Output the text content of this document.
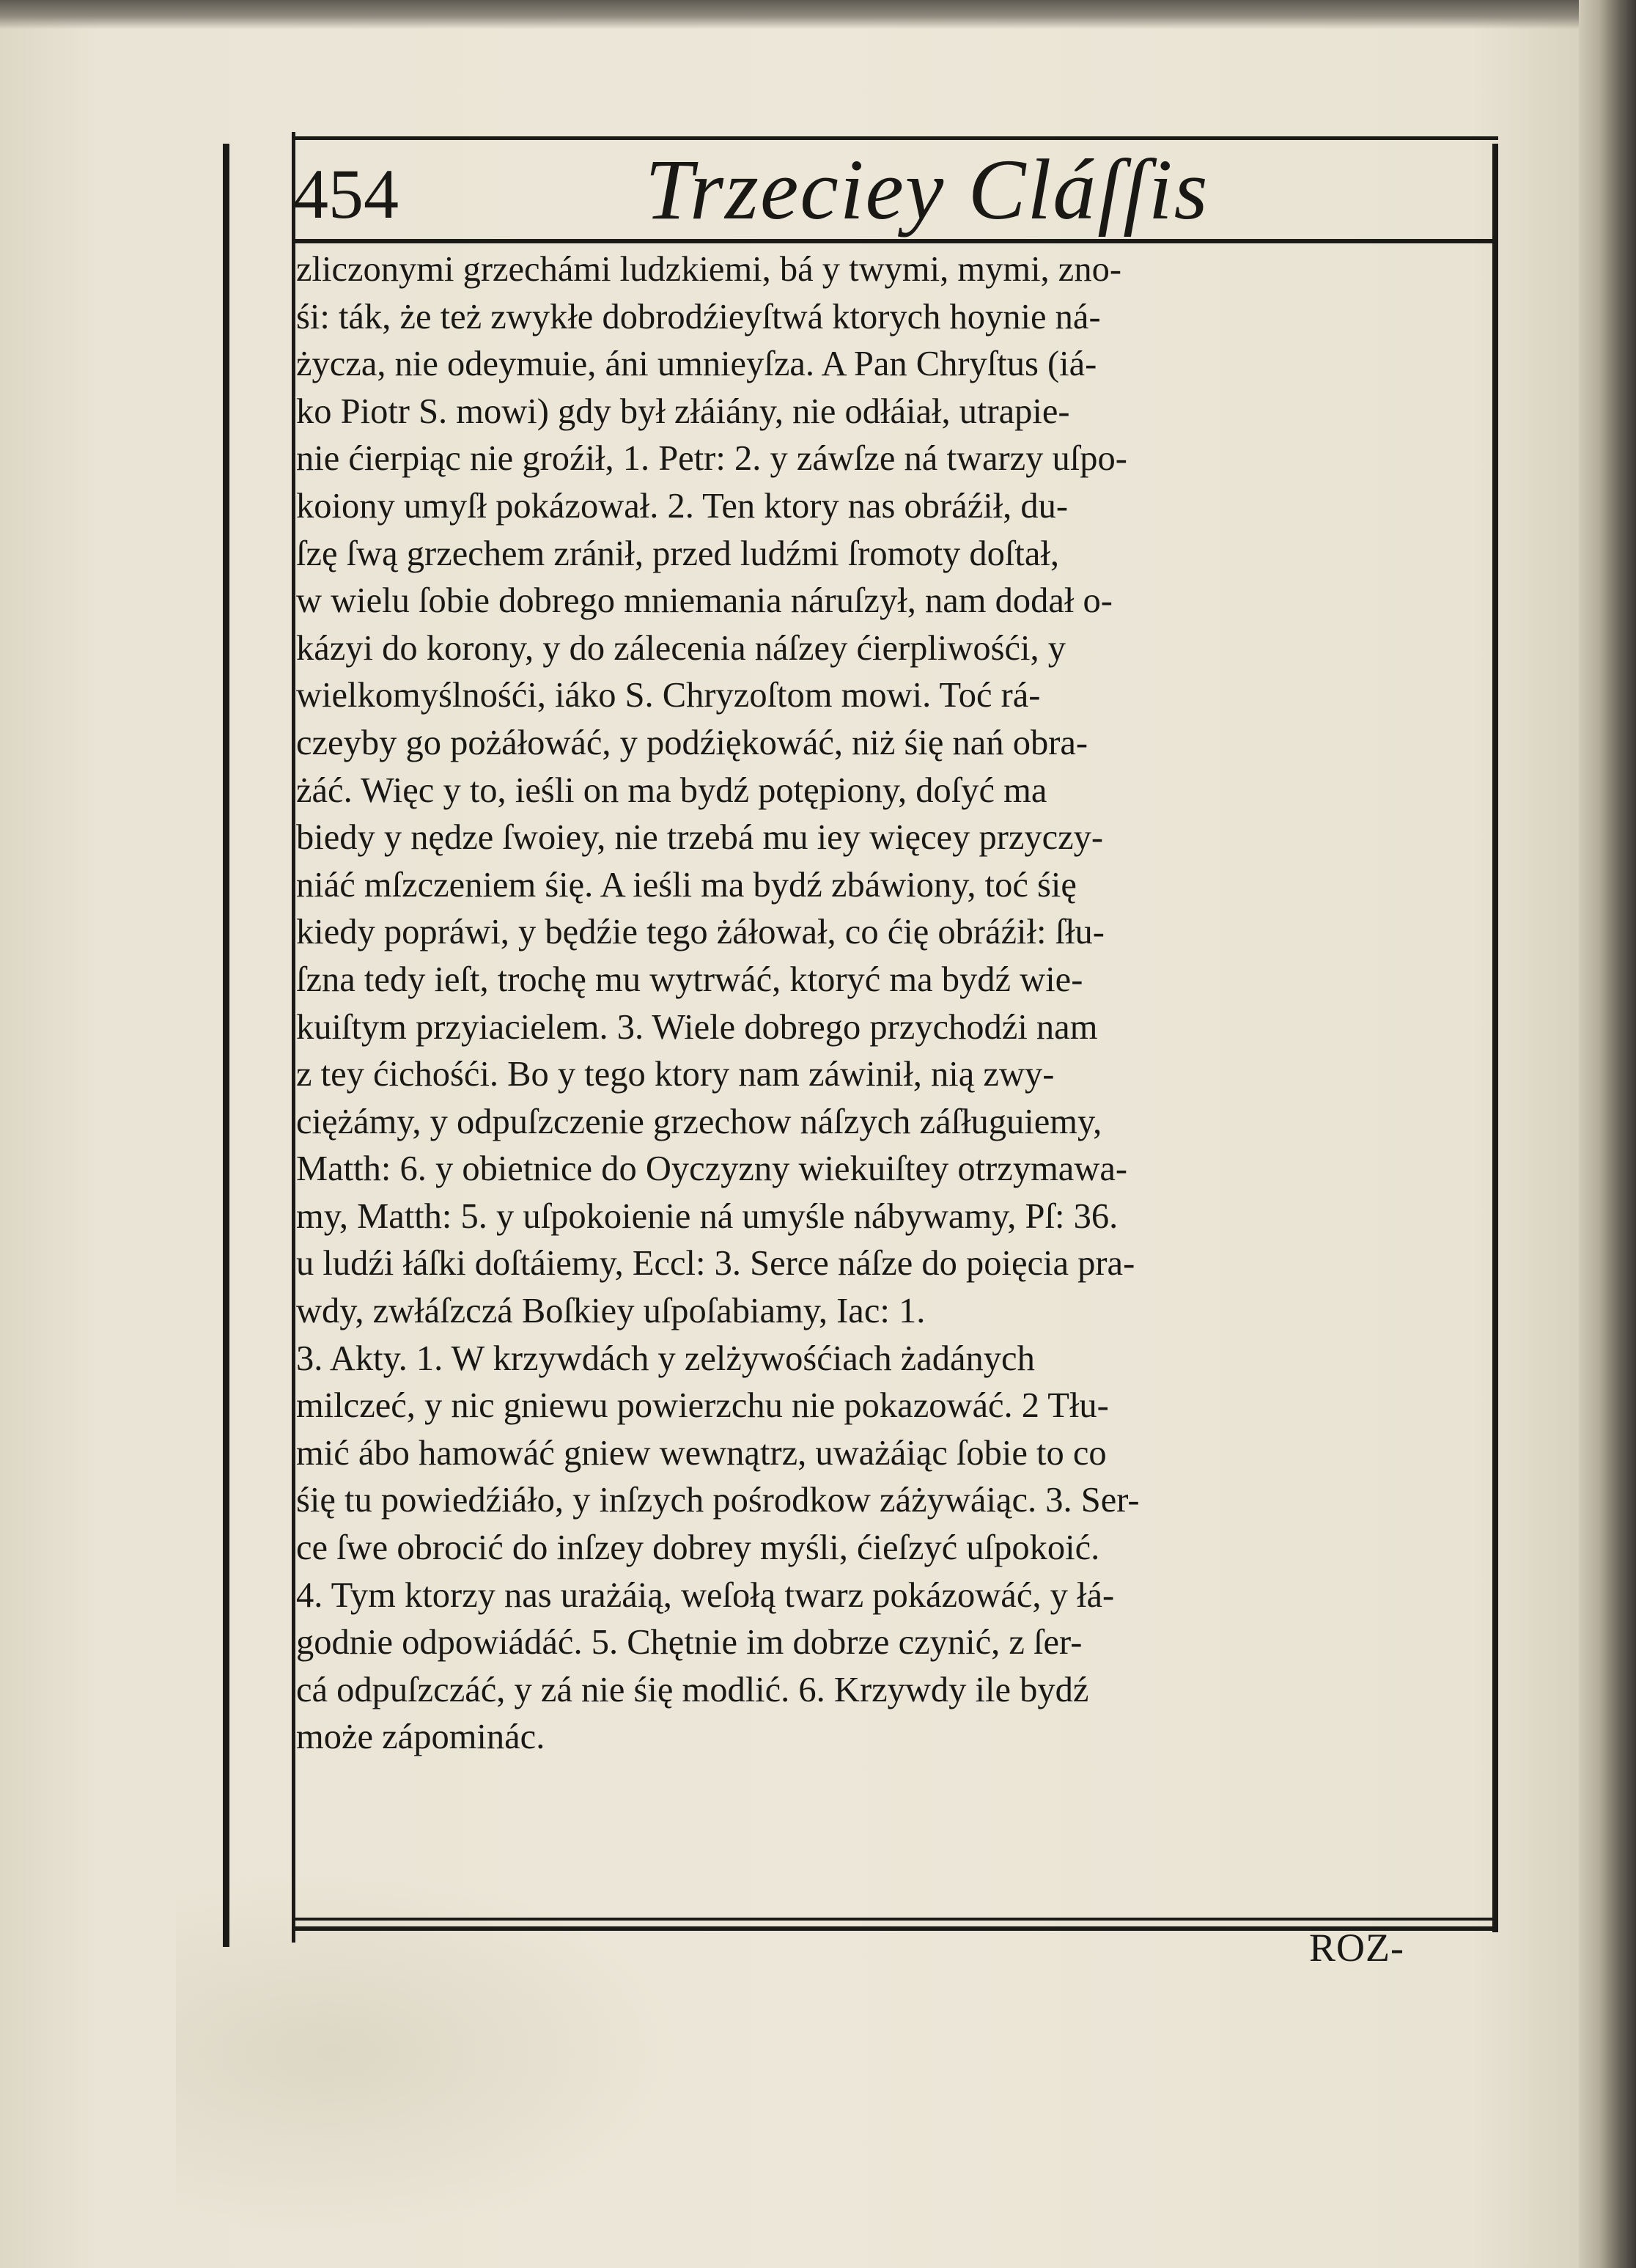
454	Trzeciey Cláſſis
zliczonymi grzechámi ludzkiemi, bá y twymi, mymi, zno-
śi: ták, że też zwykłe dobrodźieyſtwá ktorych hoynie ná-
życza, nie odeymuie, áni umnieyſza. A Pan Chryſtus (iá-
ko Piotr S. mowi) gdy był złáiány, nie odłáiał, utrapie-
nie ćierpiąc nie groźił, 1. Petr: 2. y záwſze ná twarzy uſpo-
koiony umyſł pokázował. 2. Ten ktory nas obráźił, du-
ſzę ſwą grzechem zránił, przed ludźmi ſromoty doſtał,
w wielu ſobie dobrego mniemania náruſzył, nam dodał o-
kázyi do korony, y do zálecenia náſzey ćierpliwośći, y
wielkomyślnośći, iáko S. Chryzoſtom mowi. Toć rá-
czeyby go pożáłowáć, y podźiękowáć, niż śię nań obra-
żáć. Więc y to, ieśli on ma bydź potępiony, doſyć ma
biedy y nędze ſwoiey, nie trzebá mu iey więcey przyczy-
niáć mſzczeniem śię. A ieśli ma bydź zbáwiony, toć śię
kiedy popráwi, y będźie tego żáłował, co ćię obráźił: ſłu-
ſzna tedy ieſt, trochę mu wytrwáć, ktoryć ma bydź wie-
kuiſtym przyiacielem. 3. Wiele dobrego przychodźi nam
z tey ćichośći. Bo y tego ktory nam záwinił, nią zwy-
ciężámy, y odpuſzczenie grzechow náſzych záſługuiemy,
Matth: 6. y obietnice do Oyczyzny wiekuiſtey otrzymawa-
my, Matth: 5. y uſpokoienie ná umyśle nábywamy, Pſ: 36.
u ludźi łáſki doſtáiemy, Eccl: 3. Serce náſze do poięcia pra-
wdy, zwłáſzczá Boſkiey uſpoſabiamy, Iac: 1.
3. Akty. 1. W krzywdách y zelżywośćiach żadánych
milczeć, y nic gniewu powierzchu nie pokazowáć. 2 Tłu-
mić ábo hamowáć gniew wewnątrz, uważáiąc ſobie to co
śię tu powiedźiáło, y inſzych pośrodkow záżywáiąc. 3. Ser-
ce ſwe obrocić do inſzey dobrey myśli, ćieſzyć uſpokoić.
4. Tym ktorzy nas urażáią, weſołą twarz pokázowáć, y łá-
godnie odpowiádáć. 5. Chętnie im dobrze czynić, z ſer-
cá odpuſzczáć, y zá nie śię modlić. 6. Krzywdy ile bydź
może zápominác.
ROZ-
